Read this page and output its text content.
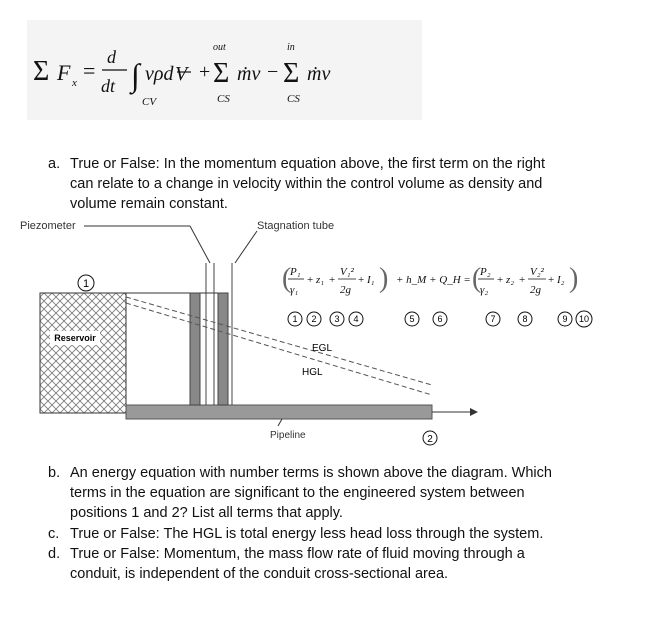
Σ F x =
d
dt ∫ vρd V
CV
+
out
Σ
CS
ṁv −
in
Σ
CS
ṁv
a. True or False: In the momentum equation above, the first term on the right
can relate to a change in velocity within the control volume as density and
volume remain constant.
Piezometer	Stagnation tube
1
Reservoir
Pipeline
EGL
HGL
2
1 2 3 4	5	6	7	8	9 10
(
P₁
γ₁
+ z₁ +
V₁²
2g
+ I₁ ) + h_M + Q_H = (
P₂
γ₂
+ z₂ +
V₂²
2g
+ I₂ )
b. An energy equation with number terms is shown above the diagram. Which
terms in the equation are significant to the engineered system between
positions 1 and 2? List all terms that apply.
c. True or False: The HGL is total energy less head loss through the system.
d. True or False: Momentum, the mass flow rate of fluid moving through a
conduit, is independent of the conduit cross-sectional area.
